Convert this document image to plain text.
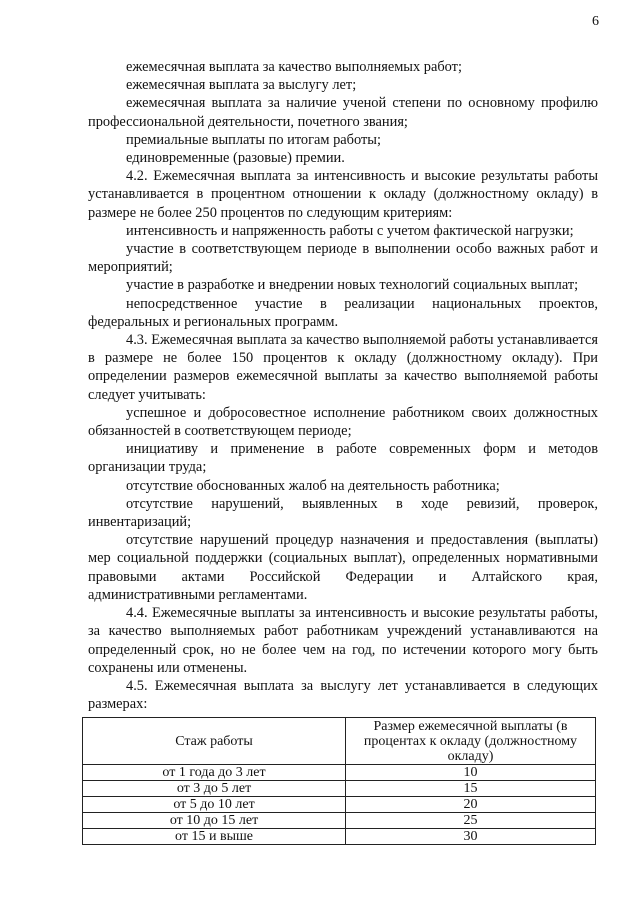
6

ежемесячная выплата за качество выполняемых работ;

ежемесячная выплата за выслугу лет;

ежемесячная выплата за наличие ученой степени по основному профилю профессиональной деятельности, почетного звания;

премиальные выплаты по итогам работы;

единовременные (разовые) премии.

4.2. Ежемесячная выплата за интенсивность и высокие результаты работы устанавливается в процентном отношении к окладу (должностному окладу) в размере не более 250 процентов по следующим критериям:

интенсивность и напряженность работы с учетом фактической нагрузки;

участие в соответствующем периоде в выполнении особо важных работ и мероприятий;

участие в разработке и внедрении новых технологий социальных выплат;

непосредственное участие в реализации национальных проектов, федеральных и региональных программ.

4.3. Ежемесячная выплата за качество выполняемой работы устанавливается в размере не более 150 процентов к окладу (должностному окладу). При определении размеров ежемесячной выплаты за качество выполняемой работы следует учитывать:

успешное и добросовестное исполнение работником своих должностных обязанностей в соответствующем периоде;

инициативу и применение в работе современных форм и методов организации труда;

отсутствие обоснованных жалоб на деятельность работника;

отсутствие нарушений, выявленных в ходе ревизий, проверок, инвентаризаций;

отсутствие нарушений процедур назначения и предоставления (выплаты) мер социальной поддержки (социальных выплат), определенных нормативными правовыми актами Российской Федерации и Алтайского края, административными регламентами.

4.4. Ежемесячные выплаты за интенсивность и высокие результаты работы, за качество выполняемых работ работникам учреждений устанавливаются на определенный срок, но не более чем на год, по истечении которого могу быть сохранены или отменены.

4.5. Ежемесячная выплата за выслугу лет устанавливается в следующих размерах:

Стаж работы	Размер ежемесячной выплаты (в процентах к окладу (должностному окладу)
от 1 года до 3 лет	10
от 3 до 5 лет	15
от 5 до 10 лет	20
от 10 до 15 лет	25
от 15 и выше	30
